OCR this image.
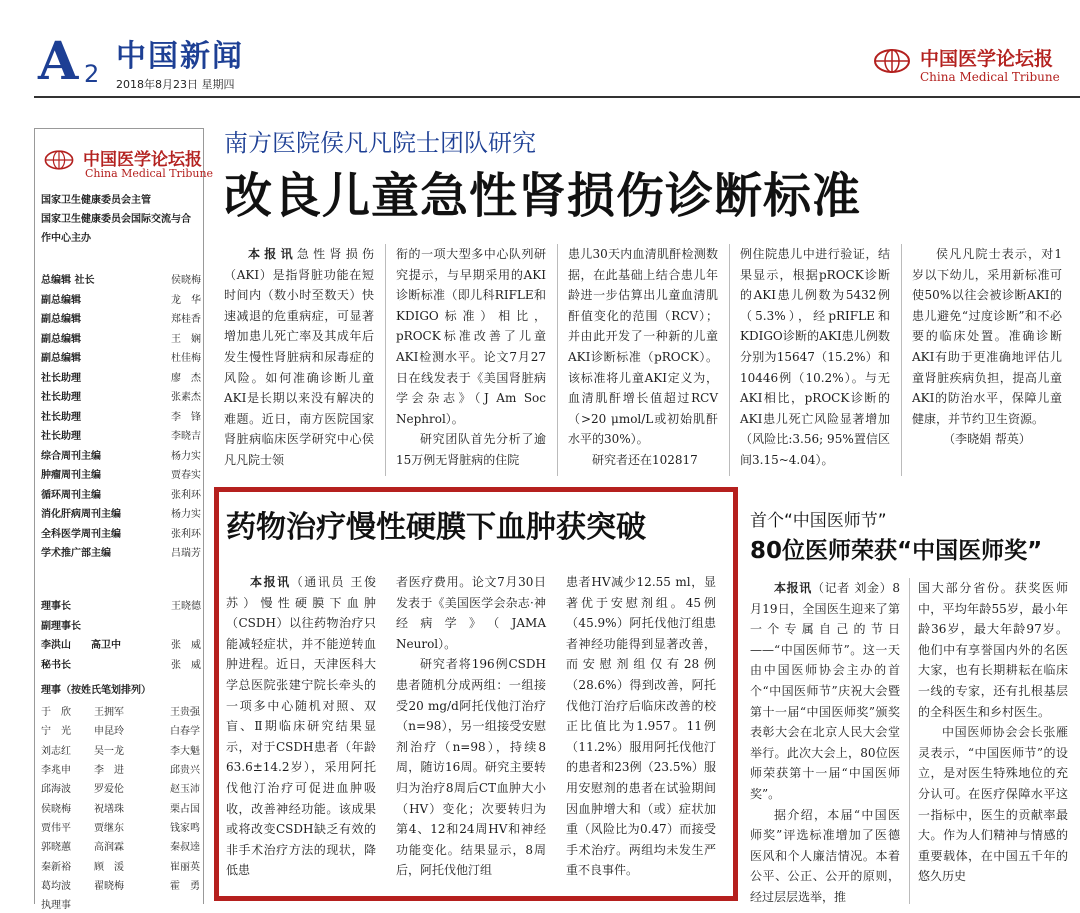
A 2 中国新闻
2018年8月23日 星期四
中国医学论坛报
China Medical Tribune
中国医学论坛报
China Medical Tribune
国家卫生健康委员会主管
国家卫生健康委员会国际交流与合
作中心主办
总编辑 社长	侯晓梅
副总编辑	龙　华
副总编辑	郑桂香
副总编辑	王　娴
副总编辑	杜佳梅
社长助理	廖　杰
社长助理	张素杰
社长助理	李　锋
社长助理	李晓吉
综合周刊主编	杨力实
肿瘤周刊主编	贾春实
循环周刊主编	张利环
消化肝病周刊主编	杨力实
全科医学周刊主编	张利环
学术推广部主编	吕瑞芳
理事长	王晓德
副理事长
李洪山　　高卫中	张　威
秘书长	张　威
理事（按姓氏笔划排列）
于　欣	王拥军	王贵强
宁　光	申昆玲	白春学
刘志红	吴一龙	李大魁
李兆申	李　进	邱贵兴
邱海波	罗爱伦	赵玉沛
侯晓梅	祝墡珠	栗占国
贾伟平	贾继东	钱家鸣
郭晓蕙	高润霖	秦叔逵
秦新裕	顾　湲	崔丽英
葛均波	翟晓梅	霍　勇
执理事
南方医院侯凡凡院士团队研究
改良儿童急性肾损伤诊断标准

本报讯急性肾损伤（AKI）是指肾脏功能在短时间内（数小时至数天）快速减退的危重病症，可显著增加患儿死亡率及其成年后发生慢性肾脏病和尿毒症的风险。如何准确诊断儿童AKI是长期以来没有解决的难题。近日，南方医院国家肾脏病临床医学研究中心侯凡凡院士领

衔的一项大型多中心队列研究提示，与早期采用的AKI诊断标准（即儿科RIFLE和KDIGO标准）相比，pROCK标准改善了儿童AKI检测水平。论文7月27日在线发表于《美国肾脏病学会杂志》（J Am Soc Nephrol）。

研究团队首先分析了逾15万例无肾脏病的住院

患儿30天内血清肌酐检测数据，在此基础上结合患儿年龄进一步估算出儿童血清肌酐值变化的范围（RCV）；并由此开发了一种新的儿童AKI诊断标准（pROCK）。该标准将儿童AKI定义为，血清肌酐增长值超过RCV（>20 μmol/L或初始肌酐水平的30%）。

研究者还在102817

例住院患儿中进行验证，结果显示，根据pROCK诊断的AKI患儿例数为5432例（5.3%），经pRIFLE和KDIGO诊断的AKI患儿例数分别为15647（15.2%）和10446例（10.2%）。与无AKI相比，pROCK诊断的AKI患儿死亡风险显著增加（风险比:3.56; 95%置信区间3.15~4.04）。

侯凡凡院士表示，对1岁以下幼儿，采用新标准可使50%以往会被诊断AKI的患儿避免“过度诊断”和不必要的临床处置。准确诊断AKI有助于更准确地评估儿童肾脏疾病负担，提高儿童AKI的防治水平，保障儿童健康，并节约卫生资源。

（李晓娟 帮英）

药物治疗慢性硬膜下血肿获突破

本报讯（通讯员 王俊苏）慢性硬膜下血肿（CSDH）以往药物治疗只能减轻症状，并不能逆转血肿进程。近日，天津医科大学总医院张建宁院长牵头的一项多中心随机对照、双盲、Ⅱ期临床研究结果显示，对于CSDH患者（年龄63.6±14.2岁），采用阿托伐他汀治疗可促进血肿吸收，改善神经功能。该成果或将改变CSDH缺乏有效的非手术治疗方法的现状，降低患

者医疗费用。论文7月30日发表于《美国医学会杂志·神经病学》（JAMA Neurol）。

研究者将196例CSDH患者随机分成两组：一组接受20 mg/d阿托伐他汀治疗（n=98），另一组接受安慰剂治疗（n=98），持续8周，随访16周。研究主要转归为治疗8周后CT血肿大小（HV）变化；次要转归为第4、12和24周HV和神经功能变化。结果显示，8周后，阿托伐他汀组

患者HV减少12.55 ml，显著优于安慰剂组。45例（45.9%）阿托伐他汀组患者神经功能得到显著改善，而安慰剂组仅有28例（28.6%）得到改善，阿托伐他汀治疗后临床改善的校正比值比为1.957。11例（11.2%）服用阿托伐他汀的患者和23例（23.5%）服用安慰剂的患者在试验期间因血肿增大和（或）症状加重（风险比为0.47）而接受手术治疗。两组均未发生严重不良事件。

首个“中国医师节”
80位医师荣获“中国医师奖”

本报讯（记者 刘金）8月19日，全国医生迎来了第一个专属自己的节日——“中国医师节”。这一天由中国医师协会主办的首个“中国医师节”庆祝大会暨第十一届“中国医师奖”颁奖表彰大会在北京人民大会堂举行。此次大会上，80位医师荣获第十一届“中国医师奖”。

据介绍，本届“中国医师奖”评选标准增加了医德医风和个人廉洁情况。本着公平、公正、公开的原则，经过层层选举，推

国大部分省份。获奖医师中，平均年龄55岁，最小年龄36岁，最大年龄97岁。他们中有享誉国内外的名医大家，也有长期耕耘在临床一线的专家，还有扎根基层的全科医生和乡村医生。

中国医师协会会长张雁灵表示，“中国医师节”的设立，是对医生特殊地位的充分认可。在医疗保障水平这一指标中，医生的贡献率最大。作为人们精神与情感的重要载体，在中国五千年的悠久历史
